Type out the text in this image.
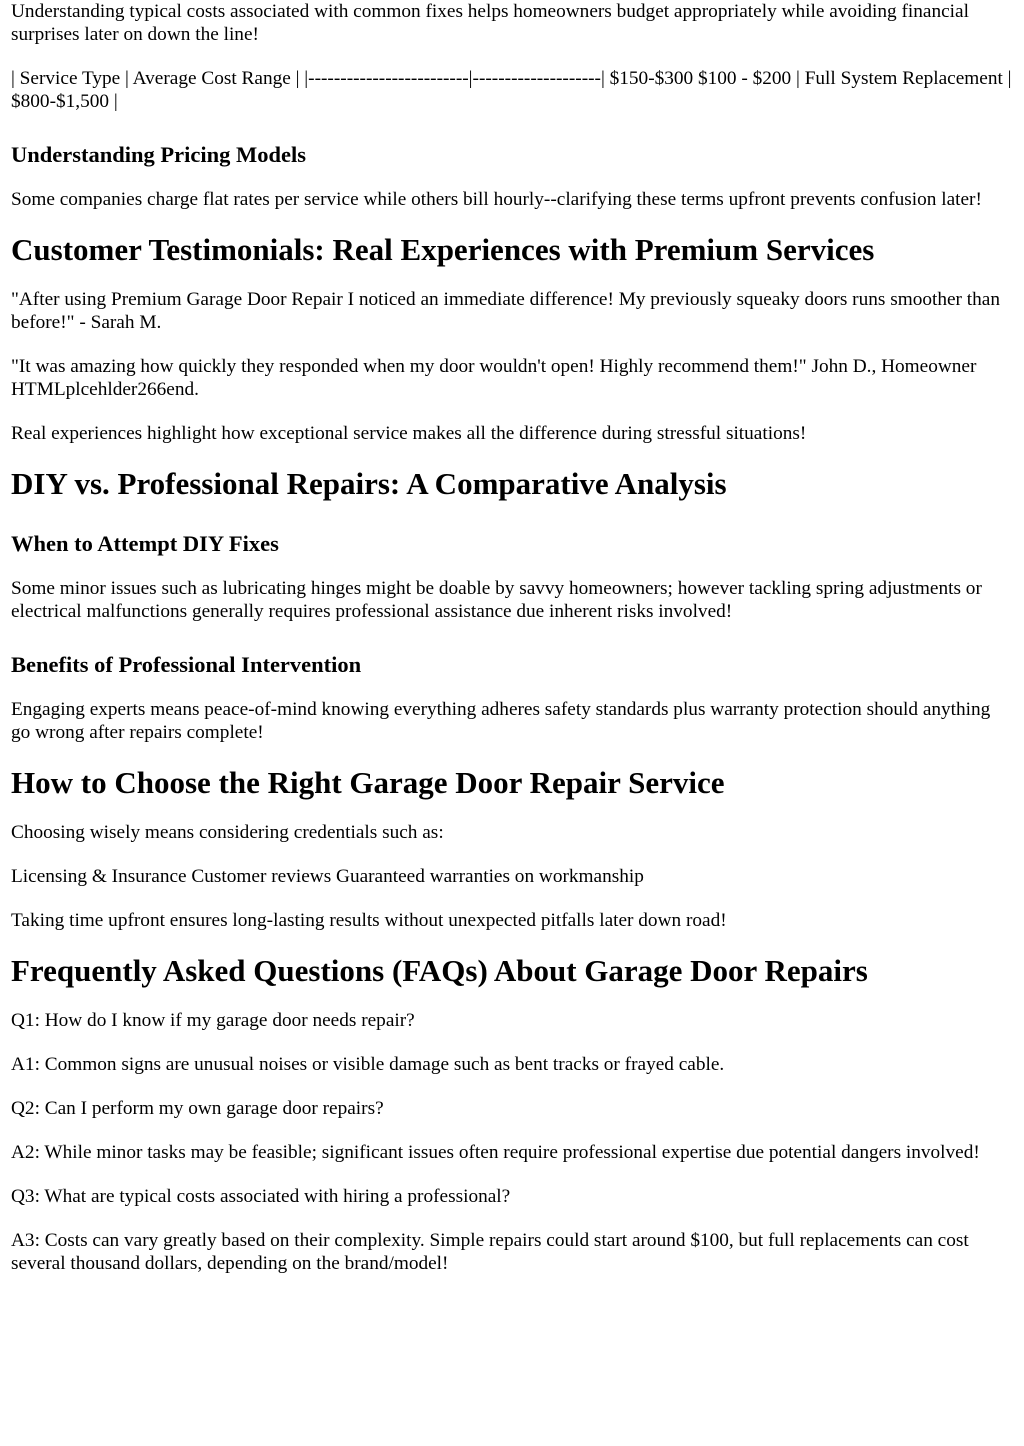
Understanding typical costs associated with common fixes helps homeowners budget appropriately while avoiding financial surprises later on down the line!

| Service Type | Average Cost Range | |-------------------------|--------------------| $150-$300 $100 - $200 | Full System Replacement | $800-$1,500 |

Understanding Pricing Models

Some companies charge flat rates per service while others bill hourly--clarifying these terms upfront prevents confusion later!

Customer Testimonials: Real Experiences with Premium Services

"After using Premium Garage Door Repair I noticed an immediate difference! My previously squeaky doors runs smoother than before!" - Sarah M.

"It was amazing how quickly they responded when my door wouldn't open! Highly recommend them!" John D., Homeowner HTMLplcehlder266end.

Real experiences highlight how exceptional service makes all the difference during stressful situations!

DIY vs. Professional Repairs: A Comparative Analysis
When to Attempt DIY Fixes

Some minor issues such as lubricating hinges might be doable by savvy homeowners; however tackling spring adjustments or electrical malfunctions generally requires professional assistance due inherent risks involved!

Benefits of Professional Intervention

Engaging experts means peace-of-mind knowing everything adheres safety standards plus warranty protection should anything go wrong after repairs complete!

How to Choose the Right Garage Door Repair Service

Choosing wisely means considering credentials such as:

Licensing & Insurance Customer reviews Guaranteed warranties on workmanship

Taking time upfront ensures long-lasting results without unexpected pitfalls later down road!

Frequently Asked Questions (FAQs) About Garage Door Repairs

Q1: How do I know if my garage door needs repair?

A1: Common signs are unusual noises or visible damage such as bent tracks or frayed cable.

Q2: Can I perform my own garage door repairs?

A2: While minor tasks may be feasible; significant issues often require professional expertise due potential dangers involved!

Q3: What are typical costs associated with hiring a professional?

A3: Costs can vary greatly based on their complexity. Simple repairs could start around $100, but full replacements can cost several thousand dollars, depending on the brand/model!
